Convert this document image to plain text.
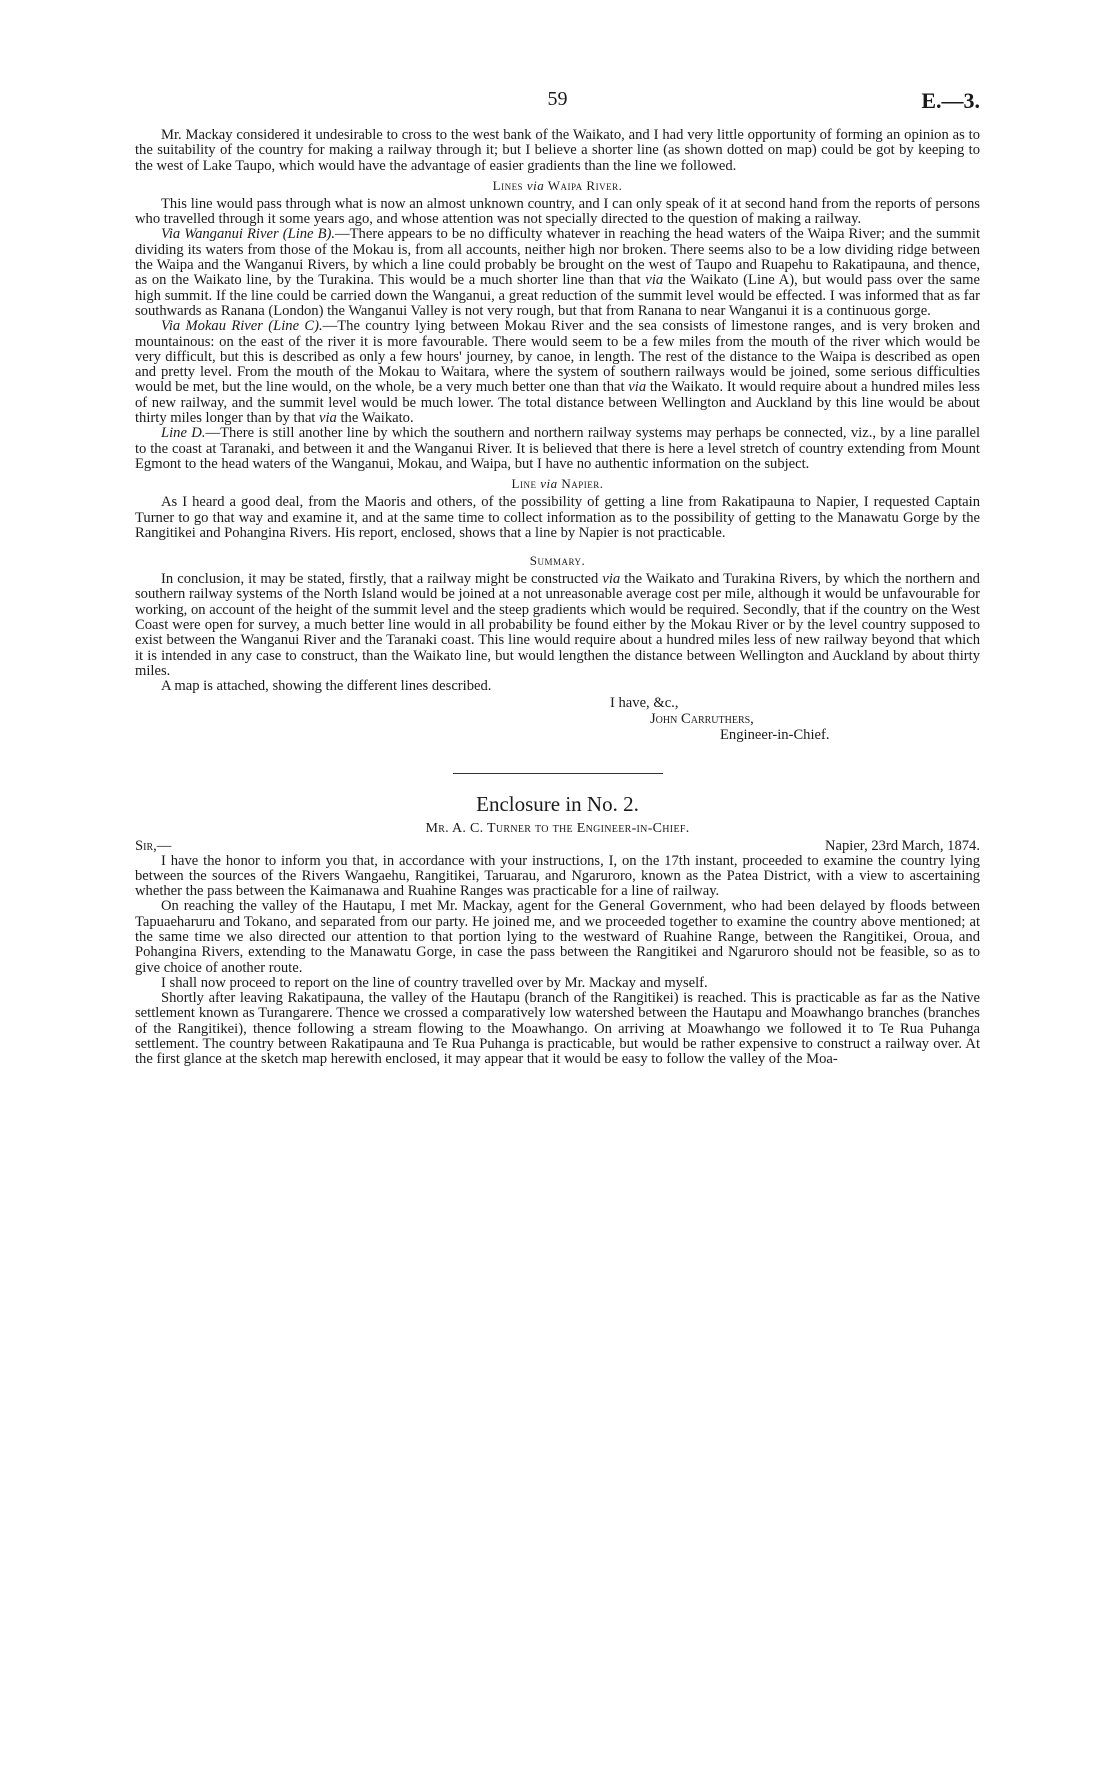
59	E.—3.

Mr. Mackay considered it undesirable to cross to the west bank of the Waikato, and I had very little opportunity of forming an opinion as to the suitability of the country for making a railway through it; but I believe a shorter line (as shown dotted on map) could be got by keeping to the west of Lake Taupo, which would have the advantage of easier gradients than the line we followed.

Lines via Waipa River.

This line would pass through what is now an almost unknown country, and I can only speak of it at second hand from the reports of persons who travelled through it some years ago, and whose attention was not specially directed to the question of making a railway.

Via Wanganui River (Line B).—There appears to be no difficulty whatever in reaching the head waters of the Waipa River; and the summit dividing its waters from those of the Mokau is, from all accounts, neither high nor broken. There seems also to be a low dividing ridge between the Waipa and the Wanganui Rivers, by which a line could probably be brought on the west of Taupo and Ruapehu to Rakatipauna, and thence, as on the Waikato line, by the Turakina. This would be a much shorter line than that via the Waikato (Line A), but would pass over the same high summit. If the line could be carried down the Wanganui, a great reduction of the summit level would be effected. I was informed that as far southwards as Ranana (London) the Wanganui Valley is not very rough, but that from Ranana to near Wanganui it is a continuous gorge.

Via Mokau River (Line C).—The country lying between Mokau River and the sea consists of limestone ranges, and is very broken and mountainous: on the east of the river it is more favourable. There would seem to be a few miles from the mouth of the river which would be very difficult, but this is described as only a few hours' journey, by canoe, in length. The rest of the distance to the Waipa is described as open and pretty level. From the mouth of the Mokau to Waitara, where the system of southern railways would be joined, some serious difficulties would be met, but the line would, on the whole, be a very much better one than that via the Waikato. It would require about a hundred miles less of new railway, and the summit level would be much lower. The total distance between Wellington and Auckland by this line would be about thirty miles longer than by that via the Waikato.

Line D.—There is still another line by which the southern and northern railway systems may perhaps be connected, viz., by a line parallel to the coast at Taranaki, and between it and the Wanganui River. It is believed that there is here a level stretch of country extending from Mount Egmont to the head waters of the Wanganui, Mokau, and Waipa, but I have no authentic information on the subject.

Line via Napier.

As I heard a good deal, from the Maoris and others, of the possibility of getting a line from Rakatipauna to Napier, I requested Captain Turner to go that way and examine it, and at the same time to collect information as to the possibility of getting to the Manawatu Gorge by the Rangitikei and Pohangina Rivers. His report, enclosed, shows that a line by Napier is not practicable.

Summary.

In conclusion, it may be stated, firstly, that a railway might be constructed via the Waikato and Turakina Rivers, by which the northern and southern railway systems of the North Island would be joined at a not unreasonable average cost per mile, although it would be unfavourable for working, on account of the height of the summit level and the steep gradients which would be required. Secondly, that if the country on the West Coast were open for survey, a much better line would in all probability be found either by the Mokau River or by the level country supposed to exist between the Wanganui River and the Taranaki coast. This line would require about a hundred miles less of new railway beyond that which it is intended in any case to construct, than the Waikato line, but would lengthen the distance between Wellington and Auckland by about thirty miles.

A map is attached, showing the different lines described.

I have, &c.,
John Carruthers,
Engineer-in-Chief.
Enclosure in No. 2.
Mr. A. C. Turner to the Engineer-in-Chief.
Sir,—	Napier, 23rd March, 1874.

I have the honor to inform you that, in accordance with your instructions, I, on the 17th instant, proceeded to examine the country lying between the sources of the Rivers Wangaehu, Rangitikei, Taruarau, and Ngaruroro, known as the Patea District, with a view to ascertaining whether the pass between the Kaimanawa and Ruahine Ranges was practicable for a line of railway.

On reaching the valley of the Hautapu, I met Mr. Mackay, agent for the General Government, who had been delayed by floods between Tapuaeharuru and Tokano, and separated from our party. He joined me, and we proceeded together to examine the country above mentioned; at the same time we also directed our attention to that portion lying to the westward of Ruahine Range, between the Rangitikei, Oroua, and Pohangina Rivers, extending to the Manawatu Gorge, in case the pass between the Rangitikei and Ngaruroro should not be feasible, so as to give choice of another route.

I shall now proceed to report on the line of country travelled over by Mr. Mackay and myself.

Shortly after leaving Rakatipauna, the valley of the Hautapu (branch of the Rangitikei) is reached. This is practicable as far as the Native settlement known as Turangarere. Thence we crossed a comparatively low watershed between the Hautapu and Moawhango branches (branches of the Rangitikei), thence following a stream flowing to the Moawhango. On arriving at Moawhango we followed it to Te Rua Puhanga settlement. The country between Rakatipauna and Te Rua Puhanga is practicable, but would be rather expensive to construct a railway over. At the first glance at the sketch map herewith enclosed, it may appear that it would be easy to follow the valley of the Moa-
